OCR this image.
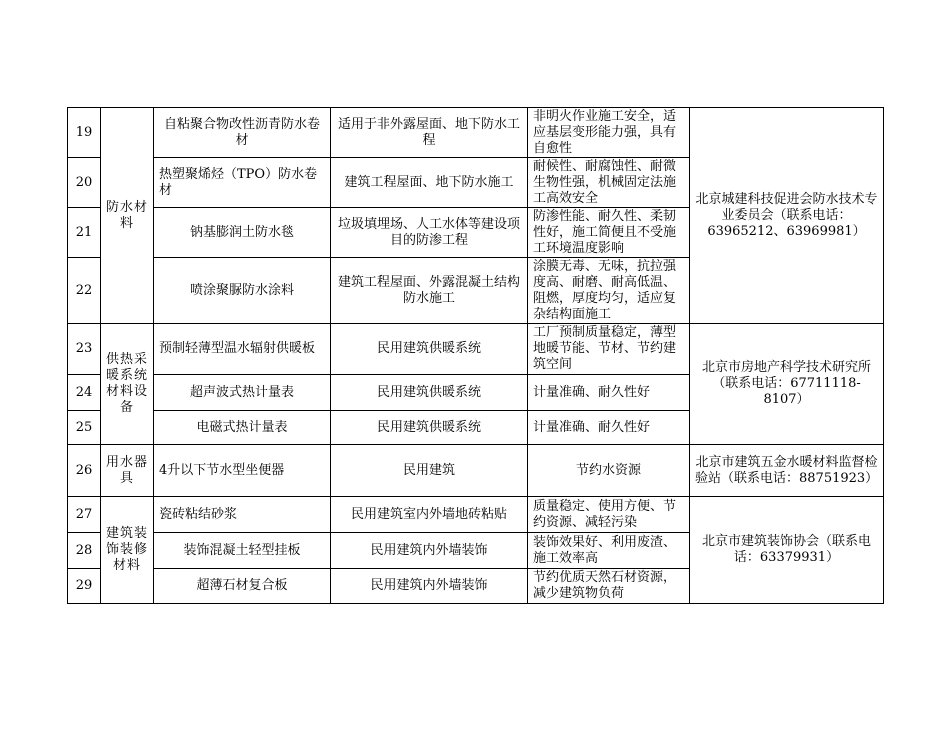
19	防水材料	自粘聚合物改性沥青防水卷材	适用于非外露屋面、地下防水工程	非明火作业施工安全，适应基层变形能力强，具有自愈性	北京城建科技促进会防水技术专业委员会（联系电话：63965212、63969981）
20		热塑聚烯烃（TPO）防水卷材	建筑工程屋面、地下防水施工	耐候性、耐腐蚀性、耐微生物性强，机械固定法施工高效安全	
21		钠基膨润土防水毯	垃圾填埋场、人工水体等建设项目的防渗工程	防渗性能、耐久性、柔韧性好，施工简便且不受施工环境温度影响	
22		喷涂聚脲防水涂料	建筑工程屋面、外露混凝土结构防水施工	涂膜无毒、无味，抗拉强度高、耐磨、耐高低温、阻燃，厚度均匀，适应复杂结构面施工	
23	供热采暖系统材料设备	预制轻薄型温水辐射供暖板	民用建筑供暖系统	工厂预制质量稳定，薄型地暖节能、节材、节约建筑空间	北京市房地产科学技术研究所（联系电话：67711118-8107）
24		超声波式热计量表	民用建筑供暖系统	计量准确、耐久性好	
25		电磁式热计量表	民用建筑供暖系统	计量准确、耐久性好	
26	用水器具	4升以下节水型坐便器	民用建筑	节约水资源	北京市建筑五金水暖材料监督检验站（联系电话：88751923）
27	建筑装饰装修材料	瓷砖粘结砂浆	民用建筑室内外墙地砖粘贴	质量稳定、使用方便、节约资源、减轻污染	北京市建筑装饰协会（联系电话：63379931）
28		装饰混凝土轻型挂板	民用建筑内外墙装饰	装饰效果好、利用废渣、施工效率高	
29		超薄石材复合板	民用建筑内外墙装饰	节约优质天然石材资源，减少建筑物负荷	
